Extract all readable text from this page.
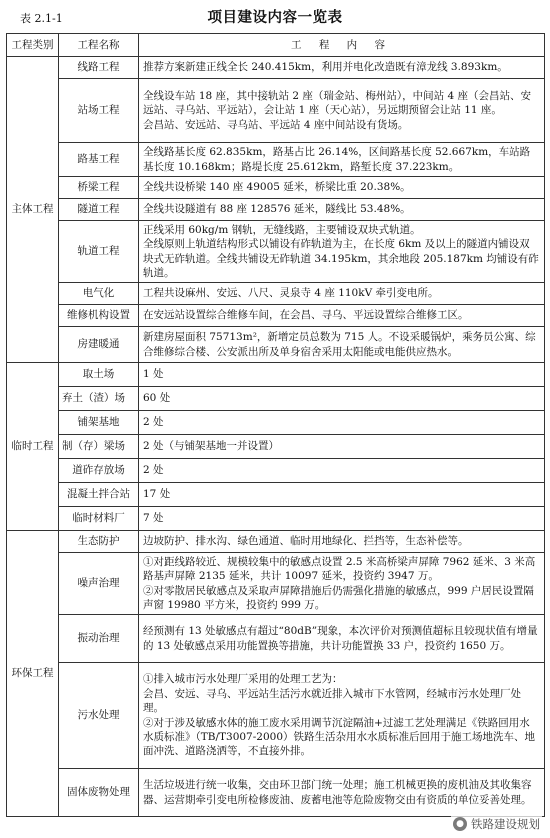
表 2.1-1	项目建设内容一览表
工程类别	工程名称	工 程 内 容
主体工程	线路工程	推荐方案新建正线全长 240.415km，利用并电化改造既有漳龙线 3.893km。

	站场工程	全线设车站 18 座，其中接轨站 2 座（瑞金站、梅州站），中间站 4 座（会昌站、安远站、寻乌站、平远站），会让站 1 座（天心站），另远期预留会让站 11 座。
会昌站、安远站、寻乌站、平远站 4 座中间站设有货场。

	路基工程	全线路基长度 62.835km，路基占比 26.14%，区间路基长度 52.667km，车站路基长度 10.168km；路堤长度 25.612km，路堑长度 37.223km。

	桥梁工程	全线共设桥梁 140 座 49005 延米，桥梁比重 20.38%。

	隧道工程	全线共设隧道有 88 座 128576 延米，隧线比 53.48%。

	轨道工程	正线采用 60kg/m 钢轨，无缝线路，主要铺设双块式轨道。
全线原则上轨道结构形式以铺设有砟轨道为主，在长度 6km 及以上的隧道内铺设双块式无砟轨道。全线共铺设无砟轨道 34.195km，其余地段 205.187km 均铺设有砟轨道。

	电气化	工程共设麻州、安远、八尺、灵泉寺 4 座 110kV 牵引变电所。

	维修机构设置	在安远站设置综合维修车间，在会昌、寻乌、平远设置综合维修工区。

	房建暖通	新建房屋面积 75713m²，新增定员总数为 715 人。不设采暖锅炉，乘务员公寓、综合维修综合楼、公安派出所及单身宿舍采用太阳能或电能供应热水。

临时工程	取土场	1 处

	弃土（渣）场	60 处

	铺架基地	2 处

	制（存）梁场	2 处（与铺架基地一并设置）

	道砟存放场	2 处

	混凝土拌合站	17 处

	临时材料厂	7 处

环保工程	生态防护	边坡防护、排水沟、绿色通道、临时用地绿化、拦挡等，生态补偿等。

	噪声治理	①对距线路较近、规模较集中的敏感点设置 2.5 米高桥梁声屏障 7962 延米、3 米高路基声屏障 2135 延米，共计 10097 延米，投资约 3947 万。
②对零散居民敏感点及采取声屏障措施后仍需强化措施的敏感点，999 户居民设置隔声窗 19980 平方米，投资约 999 万。

	振动治理	经预测有 13 处敏感点有超过“80dB”现象，本次评价对预测值超标且较现状值有增量的 13 处敏感点采用功能置换等措施，共计功能置换 33 户，投资约 1650 万。

	污水处理	①排入城市污水处理厂采用的处理工艺为：
会昌、安远、寻乌、平远站生活污水就近排入城市下水管网，经城市污水处理厂处理。
②对于涉及敏感水体的施工废水采用调节沉淀隔油+过滤工艺处理满足《铁路回用水水质标准》（TB/T3007-2000）铁路生活杂用水水质标准后回用于施工场地洗车、地面冲洗、道路浇洒等，不直接外排。

	固体废物处理	生活垃圾进行统一收集，交由环卫部门统一处理；施工机械更换的废机油及其收集容器、运营期牵引变电所检修废油、废蓄电池等危险废物交由有资质的单位妥善处理。
● 铁路建设规划
